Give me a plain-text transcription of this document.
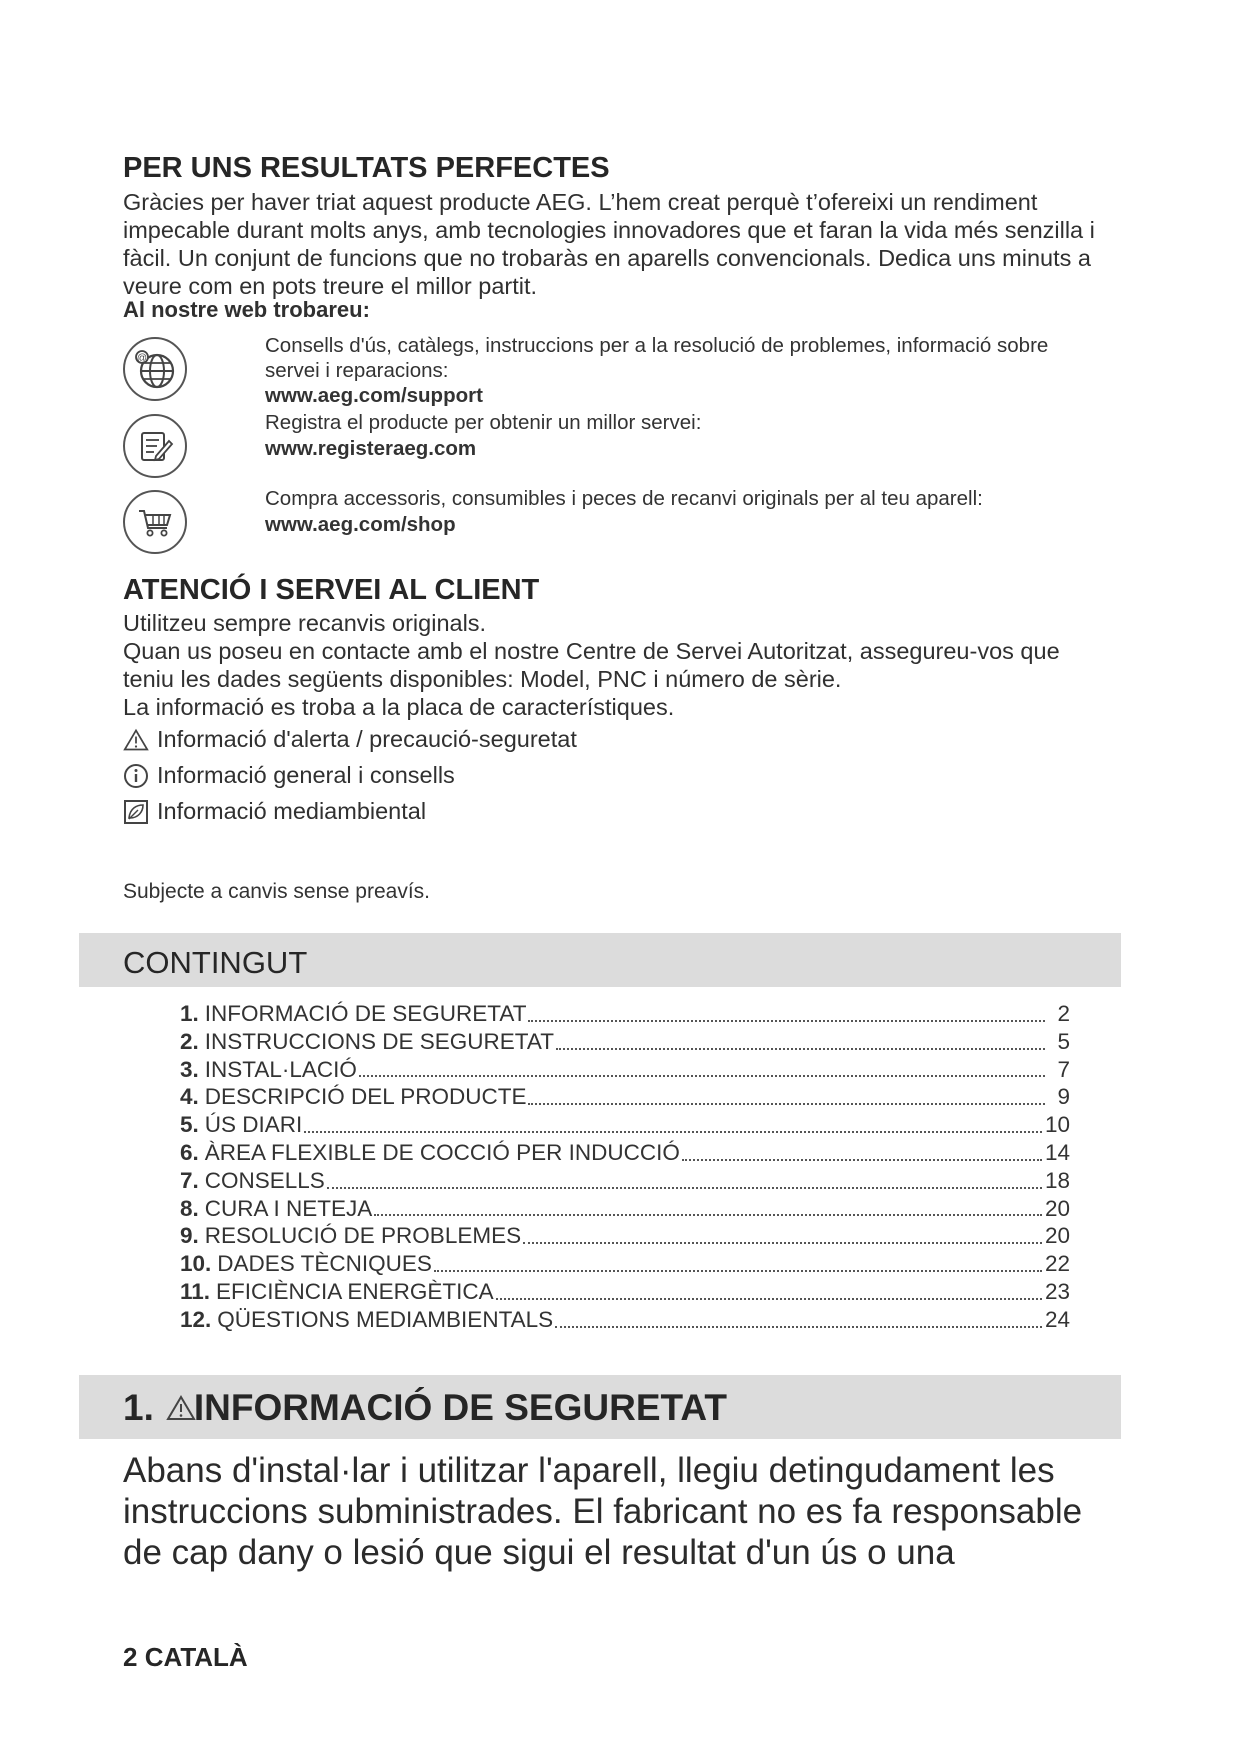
PER UNS RESULTATS PERFECTES
Gràcies per haver triat aquest producte AEG. L’hem creat perquè t’ofereixi un rendiment impecable durant molts anys, amb tecnologies innovadores que et faran la vida més senzilla i fàcil. Un conjunt de funcions que no trobaràs en aparells convencionals. Dedica uns minuts a veure com en pots treure el millor partit.
Al nostre web trobareu:
@
Consells d'ús, catàlegs, instruccions per a la resolució de problemes, informació sobre servei i reparacions:
www.aeg.com/support
Registra el producte per obtenir un millor servei:
www.registeraeg.com
Compra accessoris, consumibles i peces de recanvi originals per al teu aparell:
www.aeg.com/shop
ATENCIÓ I SERVEI AL CLIENT
Utilitzeu sempre recanvis originals.
Quan us poseu en contacte amb el nostre Centre de Servei Autoritzat, assegureu-vos que teniu les dades següents disponibles: Model, PNC i número de sèrie.
La informació es troba a la placa de característiques.
Informació d'alerta / precaució-seguretat
Informació general i consells
Informació mediambiental
Subjecte a canvis sense preavís.
CONTINGUT
1. INFORMACIÓ DE SEGURETAT	2
2. INSTRUCCIONS DE SEGURETAT	5
3. INSTAL·LACIÓ	7
4. DESCRIPCIÓ DEL PRODUCTE	9
5. ÚS DIARI	10
6. ÀREA FLEXIBLE DE COCCIÓ PER INDUCCIÓ	14
7. CONSELLS	18
8. CURA I NETEJA	20
9. RESOLUCIÓ DE PROBLEMES	20
10. DADES TÈCNIQUES	22
11. EFICIÈNCIA ENERGÈTICA	23
12. QÜESTIONS MEDIAMBIENTALS	24
1. INFORMACIÓ DE SEGURETAT
Abans d'instal·lar i utilitzar l'aparell, llegiu detingudament les instruccions subministrades. El fabricant no es fa responsable de cap dany o lesió que sigui el resultat d'un ús o una
2 CATALÀ
